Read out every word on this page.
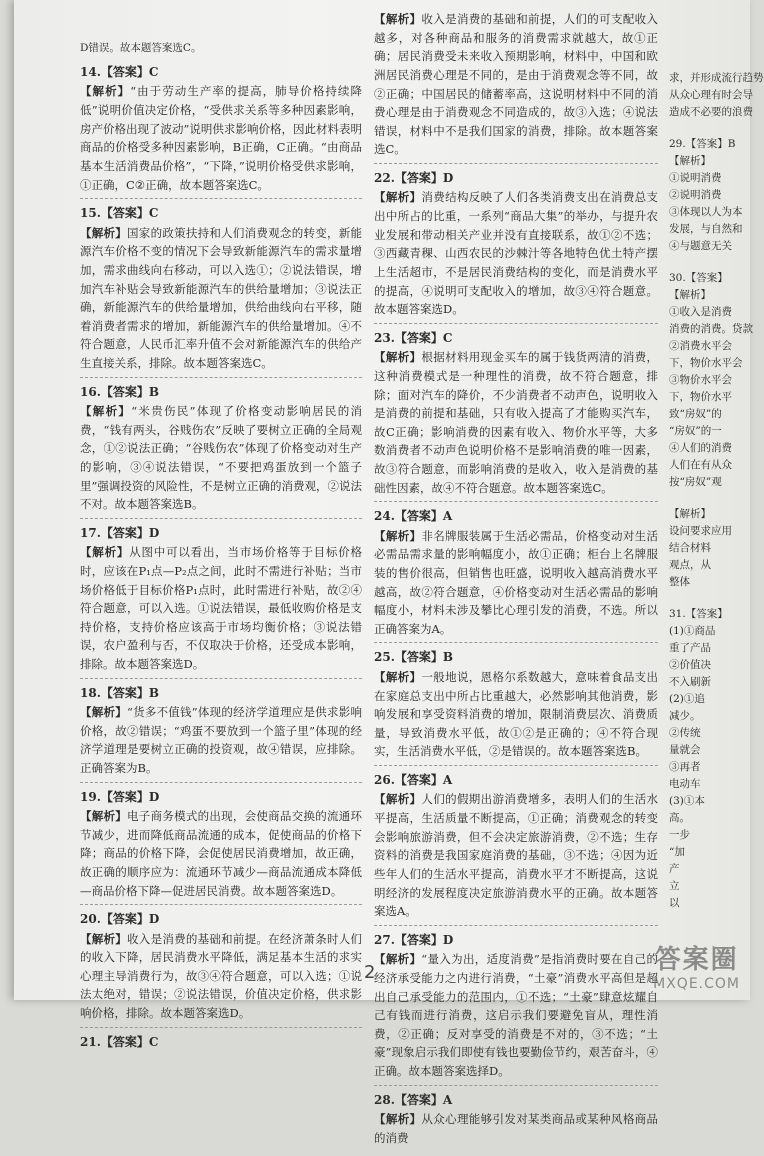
D错误。故本题答案选C。

14.【答案】C

【解析】“由于劳动生产率的提高，肺导价格持续降低”说明价值决定价格，“受供求关系等多种因素影响，房产价格出现了波动”说明供求影响价格，因此材料表明商品的价格受多种因素影响，B正确，C正确。“由商品基本生活消费品价格”，“下降，”说明价格受供求影响，①正确，C②正确，故本题答案选C。

15.【答案】C

【解析】国家的政策扶持和人们消费观念的转变，新能源汽车价格不变的情况下会导致新能源汽车的需求量增加，需求曲线向右移动，可以入选①；②说法错误，增加汽车补贴会导致新能源汽车的供给量增加；③说法正确，新能源汽车的供给量增加，供给曲线向右平移，随着消费者需求的增加，新能源汽车的供给量增加。④不符合题意，人民币汇率升值不会对新能源汽车的供给产生直接关系，排除。故本题答案选C。

16.【答案】B

【解析】“米贵伤民”体现了价格变动影响居民的消费，“钱有两头，谷贱伤农”反映了要树立正确的全局观念，①②说法正确；“谷贱伤农”体现了价格变动对生产的影响，③④说法错误，“不要把鸡蛋放到一个篮子里”强调投资的风险性，不是树立正确的消费观，②说法不对。故本题答案选B。

17.【答案】D

【解析】从图中可以看出，当市场价格等于目标价格时，应该在P₁点—P₂点之间，此时不需进行补贴；当市场价格低于目标价格P₁点时，此时需进行补贴，故②④符合题意，可以入选。①说法错误，最低收购价格是支持价格，支持价格应该高于市场均衡价格；③说法错误，农户盈利与否，不仅取决于价格，还受成本影响，排除。故本题答案选D。

18.【答案】B

【解析】“货多不值钱”体现的经济学道理应是供求影响价格，故②错误；“鸡蛋不要放到一个篮子里”体现的经济学道理是要树立正确的投资观，故④错误，应排除。正确答案为B。

19.【答案】D

【解析】电子商务模式的出现，会使商品交换的流通环节减少，进而降低商品流通的成本，促使商品的价格下降；商品的价格下降，会促使居民消费增加，故正确，故正确的顺序应为：流通环节减少—商品流通成本降低—商品价格下降—促进居民消费。故本题答案选D。

20.【答案】D

【解析】收入是消费的基础和前提。在经济萧条时人们的收入下降，居民消费水平降低，满足基本生活的求实心理主导消费行为，故③④符合题意，可以入选；①说法太绝对，错误；②说法错误，价值决定价格，供求影响价格，排除。故本题答案选D。

21.【答案】C

【解析】收入是消费的基础和前提，人们的可支配收入越多，对各种商品和服务的消费需求就越大，故①正确；居民消费受未来收入预期影响，材料中，中国和欧洲居民消费心理是不同的，是由于消费观念等不同，故②正确；中国居民的储蓄率高，这说明材料中不同的消费心理是由于消费观念不同造成的，故③入选；④说法错误，材料中不是我们国家的消费，排除。故本题答案选C。

22.【答案】D

【解析】消费结构反映了人们各类消费支出在消费总支出中所占的比重，一系列“商品大集”的举办，与提升农业发展和带动相关产业并没有直接联系，故①②不选；③西藏青稞、山西农民的沙棘汁等各地特色优土特产摆上生活超市，不是居民消费结构的变化，而是消费水平的提高，④说明可支配收入的增加，故③④符合题意。故本题答案选D。

23.【答案】C

【解析】根据材料用现金买车的属于钱货两清的消费，这种消费模式是一种理性的消费，故不符合题意，排除；面对汽车的降价，不少消费者不动声色，说明收入是消费的前提和基础，只有收入提高了才能购买汽车，故C正确；影响消费的因素有收入、物价水平等，大多数消费者不动声色说明价格不是影响消费的唯一因素，故③符合题意，而影响消费的是收入，收入是消费的基础性因素，故④不符合题意。故本题答案选C。

24.【答案】A

【解析】非名牌服装属于生活必需品，价格变动对生活必需品需求量的影响幅度小，故①正确；柜台上名牌服装的售价很高，但销售也旺盛，说明收入越高消费水平越高，故②符合题意，④价格变动对生活必需品的影响幅度小，材料未涉及攀比心理引发的消费，不选。所以正确答案为A。

25.【答案】B

【解析】一般地说，恩格尔系数越大，意味着食品支出在家庭总支出中所占比重越大，必然影响其他消费，影响发展和享受资料消费的增加，限制消费层次、消费质量，导致消费水平低，故①②是正确的；④不符合现实，生活消费水平低，②是错误的。故本题答案选B。

26.【答案】A

【解析】人们的假期出游消费增多，表明人们的生活水平提高，生活质量不断提高，①正确；消费观念的转变会影响旅游消费，但不会决定旅游消费，②不选；生存资料的消费是我国家庭消费的基础，③不选；④因为近些年人们的生活水平提高，消费水平才不断提高，这说明经济的发展程度决定旅游消费水平的正确。故本题答案选A。

27.【答案】D

【解析】“量入为出，适度消费”是指消费时要在自己的经济承受能力之内进行消费，“土豪”消费水平高但是超出自己承受能力的范围内，①不选；“土豪”肆意炫耀自己有钱而进行消费，这启示我们要避免盲从，理性消费，②正确；反对享受的消费是不对的，③不选；“土豪”现象启示我们即使有钱也要勤俭节约，艰苦奋斗，④正确。故本题答案选择D。

28.【答案】A

【解析】从众心理能够引发对某类商品或某种风格商品的消费

求，并形成流行趋势
从众心理有时会导
造成不必要的浪费
29.【答案】B
【解析】
①说明消费
②说明消费
③体现以人为本
发展，与自然和
④与题意无关
30.【答案】
【解析】
①收入是消费
消费的消费。贷款
②消费水平会
下，物价水平会
③物价水平会
下，物价水平
致“房奴”的
“房奴”的一
④人们的消费
人们在有从众
按“房奴”观
【解析】
设问要求应用
结合材料
观点，从
整体
31.【答案】
(1)①商品
重了产品
②价值决
不入刷新
(2)①追
减少。
②传统
量就会
③再者
电动车
(3)①本
高。
一步
“加
产
立
以
2	答案圈
MXQE.COM
